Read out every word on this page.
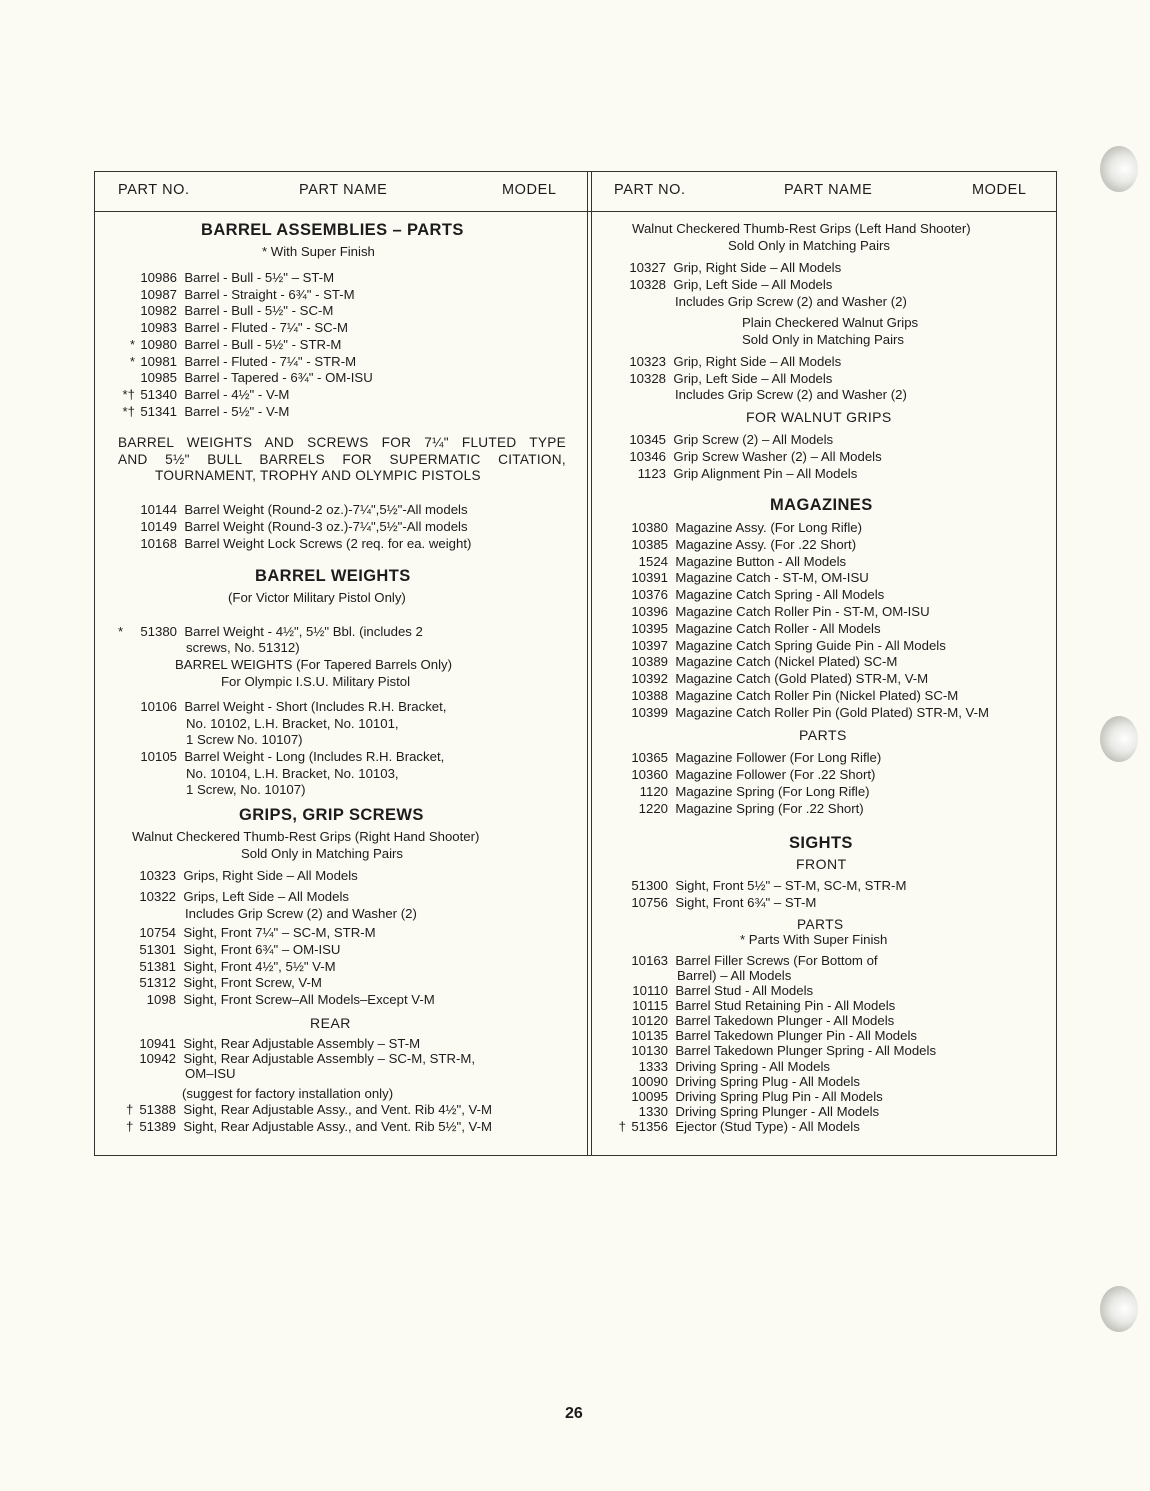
PART NO.	PART NAME	MODEL	PART NO.	PART NAME	MODEL
BARREL ASSEMBLIES – PARTS
* With Super Finish
10986 Barrel - Bull - 5½" – ST-M
10987 Barrel - Straight - 6¾" - ST-M
10982 Barrel - Bull - 5½" - SC-M
10983 Barrel - Fluted - 7¼" - SC-M
* 10980 Barrel - Bull - 5½" - STR-M
* 10981 Barrel - Fluted - 7¼" - STR-M
10985 Barrel - Tapered - 6¾" - OM-ISU
*† 51340 Barrel - 4½" - V-M
*† 51341 Barrel - 5½" - V-M
BARREL WEIGHTS AND SCREWS FOR 7¼" FLUTED TYPE
AND 5½" BULL BARRELS FOR SUPERMATIC CITATION,
TOURNAMENT, TROPHY AND OLYMPIC PISTOLS
10144 Barrel Weight (Round-2 oz.)-7¼",5½"-All models
10149 Barrel Weight (Round-3 oz.)-7¼",5½"-All models
10168 Barrel Weight Lock Screws (2 req. for ea. weight)
BARREL WEIGHTS
(For Victor Military Pistol Only)
* 51380 Barrel Weight - 4½", 5½" Bbl. (includes 2
screws, No. 51312)
BARREL WEIGHTS (For Tapered Barrels Only)
For Olympic I.S.U. Military Pistol
10106 Barrel Weight - Short (Includes R.H. Bracket,
No. 10102, L.H. Bracket, No. 10101,
1 Screw No. 10107)
10105 Barrel Weight - Long (Includes R.H. Bracket,
No. 10104, L.H. Bracket, No. 10103,
1 Screw, No. 10107)
GRIPS, GRIP SCREWS
Walnut Checkered Thumb-Rest Grips (Right Hand Shooter)
Sold Only in Matching Pairs
10323 Grips, Right Side – All Models
10322 Grips, Left Side – All Models
Includes Grip Screw (2) and Washer (2)
10754 Sight, Front 7¼" – SC-M, STR-M
51301 Sight, Front 6¾" – OM-ISU
51381 Sight, Front 4½", 5½" V-M
51312 Sight, Front Screw, V-M
1098 Sight, Front Screw–All Models–Except V-M
REAR
10941 Sight, Rear Adjustable Assembly – ST-M
10942 Sight, Rear Adjustable Assembly – SC-M, STR-M,
OM–ISU
(suggest for factory installation only)
† 51388 Sight, Rear Adjustable Assy., and Vent. Rib 4½", V-M
† 51389 Sight, Rear Adjustable Assy., and Vent. Rib 5½", V-M
Walnut Checkered Thumb-Rest Grips (Left Hand Shooter)
Sold Only in Matching Pairs
10327 Grip, Right Side – All Models
10328 Grip, Left Side – All Models
Includes Grip Screw (2) and Washer (2)
Plain Checkered Walnut Grips
Sold Only in Matching Pairs
10323 Grip, Right Side – All Models
10328 Grip, Left Side – All Models
Includes Grip Screw (2) and Washer (2)
FOR WALNUT GRIPS
10345 Grip Screw (2) – All Models
10346 Grip Screw Washer (2) – All Models
1123 Grip Alignment Pin – All Models
MAGAZINES
10380 Magazine Assy. (For Long Rifle)
10385 Magazine Assy. (For .22 Short)
1524 Magazine Button - All Models
10391 Magazine Catch - ST-M, OM-ISU
10376 Magazine Catch Spring - All Models
10396 Magazine Catch Roller Pin - ST-M, OM-ISU
10395 Magazine Catch Roller - All Models
10397 Magazine Catch Spring Guide Pin - All Models
10389 Magazine Catch (Nickel Plated) SC-M
10392 Magazine Catch (Gold Plated) STR-M, V-M
10388 Magazine Catch Roller Pin (Nickel Plated) SC-M
10399 Magazine Catch Roller Pin (Gold Plated) STR-M, V-M
PARTS
10365 Magazine Follower (For Long Rifle)
10360 Magazine Follower (For .22 Short)
1120 Magazine Spring (For Long Rifle)
1220 Magazine Spring (For .22 Short)
SIGHTS
FRONT
51300 Sight, Front 5½" – ST-M, SC-M, STR-M
10756 Sight, Front 6¾" – ST-M
PARTS
* Parts With Super Finish
10163 Barrel Filler Screws (For Bottom of
Barrel) – All Models
10110 Barrel Stud - All Models
10115 Barrel Stud Retaining Pin - All Models
10120 Barrel Takedown Plunger - All Models
10135 Barrel Takedown Plunger Pin - All Models
10130 Barrel Takedown Plunger Spring - All Models
1333 Driving Spring - All Models
10090 Driving Spring Plug - All Models
10095 Driving Spring Plug Pin - All Models
1330 Driving Spring Plunger - All Models
† 51356 Ejector (Stud Type) - All Models
26
